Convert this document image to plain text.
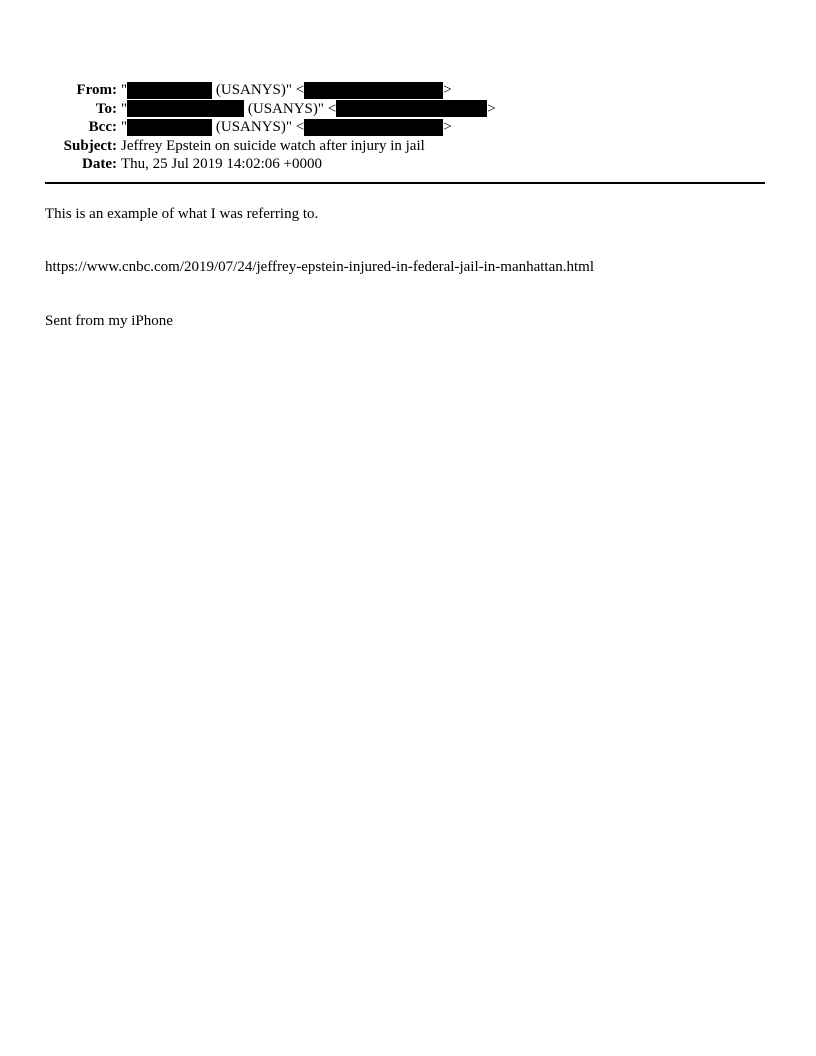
From: "	(USANYS)" <	>
To: "	(USANYS)" <	>
Bcc: "	(USANYS)" <	>
Subject: Jeffrey Epstein on suicide watch after injury in jail
Date: Thu, 25 Jul 2019 14:02:06 +0000

This is an example of what I was referring to.

https://www.cnbc.com/2019/07/24/jeffrey-epstein-injured-in-federal-jail-in-manhattan.html

Sent from my iPhone
